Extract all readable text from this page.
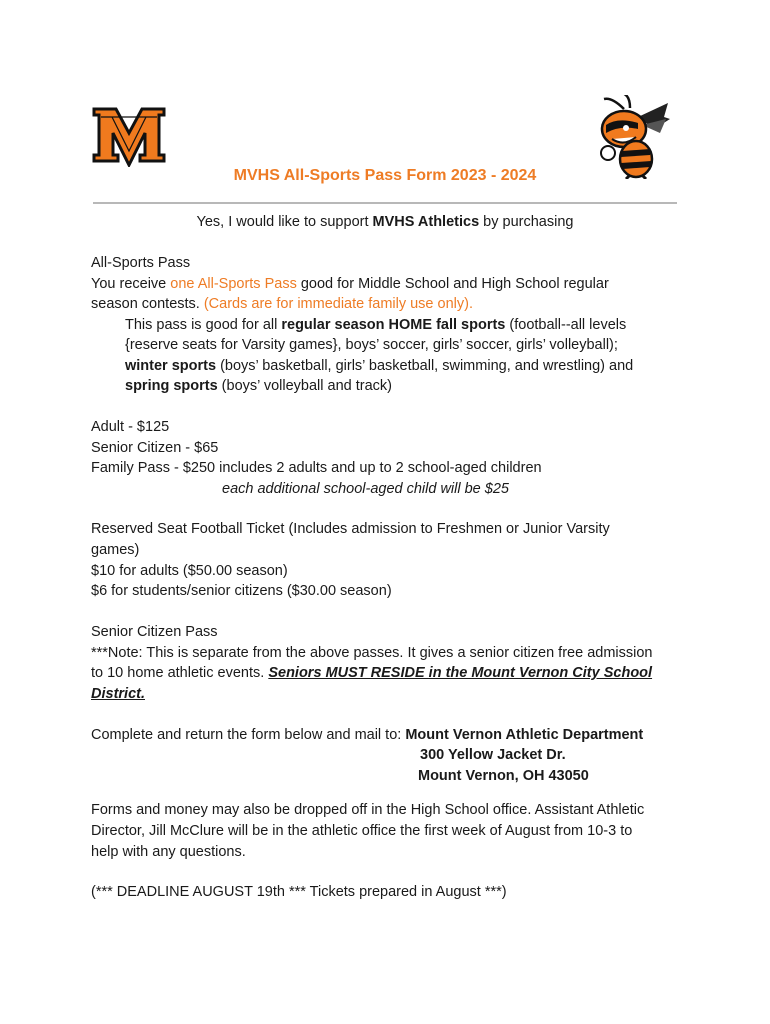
MVHS All-Sports Pass Form 2023 - 2024
Yes, I would like to support MVHS Athletics by purchasing
All-Sports Pass
You receive one All-Sports Pass good for Middle School and High School regular
season contests. (Cards are for immediate family use only).
This pass is good for all regular season HOME fall sports (football--all levels
{reserve seats for Varsity games}, boys’ soccer, girls’ soccer, girls’ volleyball);
winter sports (boys’ basketball, girls’ basketball, swimming, and wrestling) and
spring sports (boys’ volleyball and track)
Adult - $125
Senior Citizen - $65
Family Pass - $250 includes 2 adults and up to 2 school-aged children
each additional school-aged child will be $25
Reserved Seat Football Ticket (Includes admission to Freshmen or Junior Varsity
games)
$10 for adults ($50.00 season)
$6 for students/senior citizens ($30.00 season)
Senior Citizen Pass
***Note: This is separate from the above passes. It gives a senior citizen free admission
to 10 home athletic events. Seniors MUST RESIDE in the Mount Vernon City School
District.
Complete and return the form below and mail to: Mount Vernon Athletic Department
300 Yellow Jacket Dr.
Mount Vernon, OH 43050
Forms and money may also be dropped off in the High School office. Assistant Athletic
Director, Jill McClure will be in the athletic office the first week of August from 10-3 to
help with any questions.
(*** DEADLINE AUGUST 19th *** Tickets prepared in August ***)
